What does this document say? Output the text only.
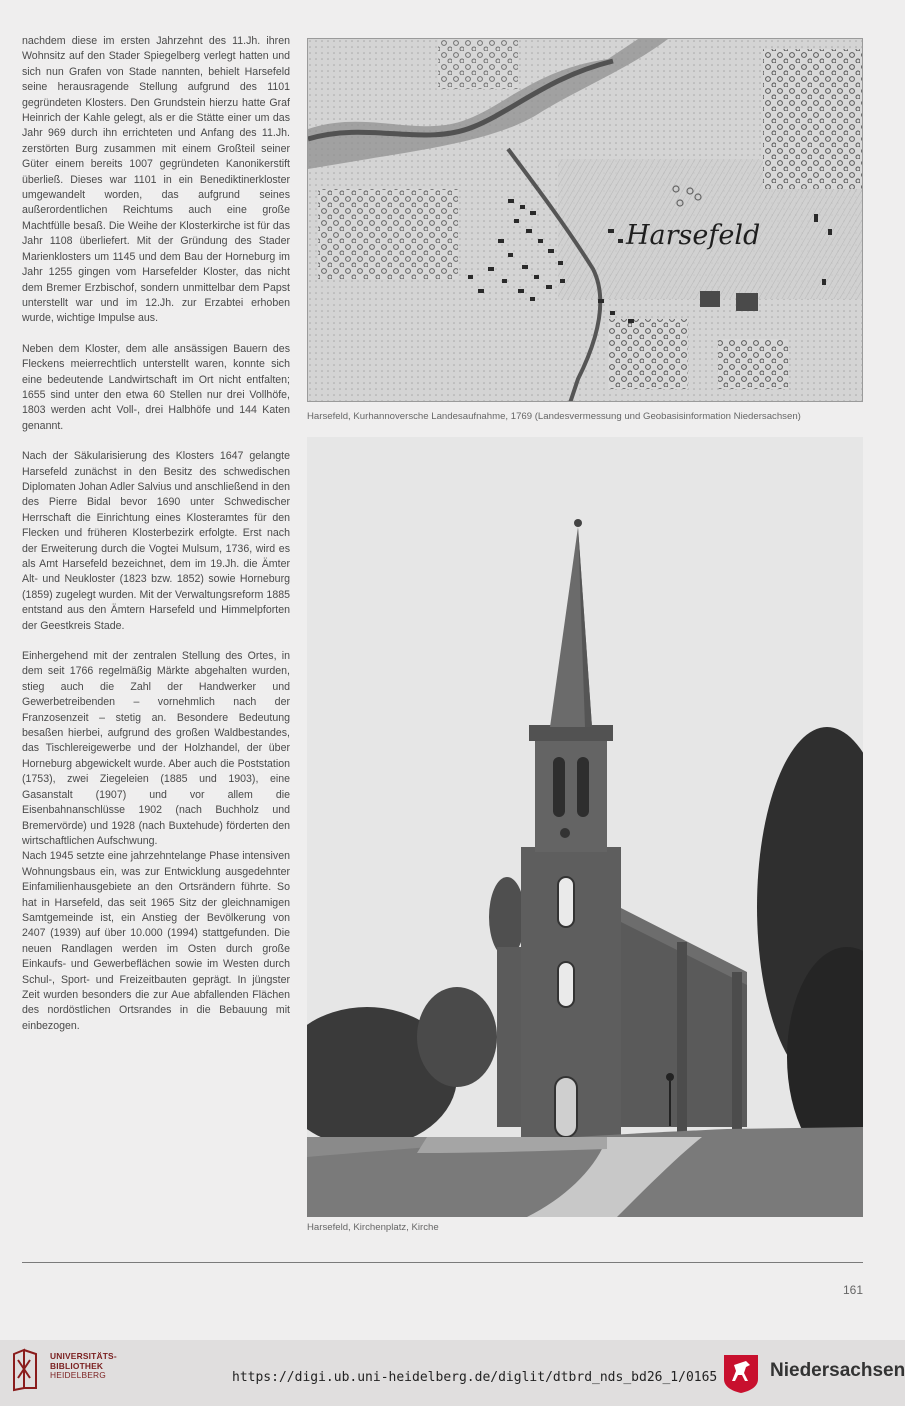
nachdem diese im ersten Jahrzehnt des 11.Jh. ihren Wohnsitz auf den Stader Spiegelberg verlegt hatten und sich nun Grafen von Stade nannten, behielt Harsefeld seine herausragende Stellung aufgrund des 1101 gegründeten Klosters. Den Grundstein hierzu hatte Graf Heinrich der Kahle gelegt, als er die Stätte einer um das Jahr 969 durch ihn errichteten und Anfang des 11.Jh. zerstörten Burg zusammen mit einem Großteil seiner Güter einem bereits 1007 gegründeten Kanonikerstift überließ. Dieses war 1101 in ein Benediktinerkloster umgewandelt worden, das aufgrund seines außerordentlichen Reichtums auch eine große Machtfülle besaß. Die Weihe der Klosterkirche ist für das Jahr 1108 überliefert. Mit der Gründung des Stader Marienklosters um 1145 und dem Bau der Horneburg im Jahr 1255 gingen vom Harsefelder Kloster, das nicht dem Bremer Erzbischof, sondern unmittelbar dem Papst unterstellt war und im 12.Jh. zur Erzabtei erhoben wurde, wichtige Impulse aus.

Neben dem Kloster, dem alle ansässigen Bauern des Fleckens meierrechtlich unterstellt waren, konnte sich eine bedeutende Landwirtschaft im Ort nicht entfalten; 1655 sind unter den etwa 60 Stellen nur drei Vollhöfe, 1803 werden acht Voll-, drei Halbhöfe und 144 Katen genannt.

Nach der Säkularisierung des Klosters 1647 gelangte Harsefeld zunächst in den Besitz des schwedischen Diplomaten Johan Adler Salvius und anschließend in den des Pierre Bidal bevor 1690 unter Schwedischer Herrschaft die Einrichtung eines Klosteramtes für den Flecken und früheren Klosterbezirk erfolgte. Erst nach der Erweiterung durch die Vogtei Mulsum, 1736, wird es als Amt Harsefeld bezeichnet, dem im 19.Jh. die Ämter Alt- und Neukloster (1823 bzw. 1852) sowie Horneburg (1859) zugelegt wurden. Mit der Verwaltungsreform 1885 entstand aus den Ämtern Harsefeld und Himmelpforten der Geestkreis Stade.

Einhergehend mit der zentralen Stellung des Ortes, in dem seit 1766 regelmäßig Märkte abgehalten wurden, stieg auch die Zahl der Handwerker und Gewerbetreibenden – vornehmlich nach der Franzosenzeit – stetig an. Besondere Bedeutung besaßen hierbei, aufgrund des großen Waldbestandes, das Tischlereigewerbe und der Holzhandel, der über Horneburg abgewickelt wurde. Aber auch die Poststation (1753), zwei Ziegeleien (1885 und 1903), eine Gasanstalt (1907) und vor allem die Eisenbahnanschlüsse 1902 (nach Buchholz und Bremervörde) und 1928 (nach Buxtehude) förderten den wirtschaftlichen Aufschwung.

Nach 1945 setzte eine jahrzehntelange Phase intensiven Wohnungsbaus ein, was zur Entwicklung ausgedehnter Einfamilienhausgebiete an den Ortsrändern führte. So hat in Harsefeld, das seit 1965 Sitz der gleichnamigen Samtgemeinde ist, ein Anstieg der Bevölkerung von 2407 (1939) auf über 10.000 (1994) stattgefunden. Die neuen Randlagen werden im Osten durch große Einkaufs- und Gewerbeflächen sowie im Westen durch Schul-, Sport- und Freizeitbauten geprägt. In jüngster Zeit wurden besonders die zur Aue abfallenden Flächen des nordöstlichen Ortsrandes in die Bebauung mit einbezogen.

Harsefeld
Harsefeld, Kurhannoversche Landesaufnahme, 1769 (Landesvermessung und Geobasisinformation Niedersachsen)
Harsefeld, Kirchenplatz, Kirche
161
UNIVERSITÄTS-
BIBLIOTHEK
HEIDELBERG	https://digi.ub.uni-heidelberg.de/diglit/dtbrd_nds_bd26_1/0165	Niedersachsen
